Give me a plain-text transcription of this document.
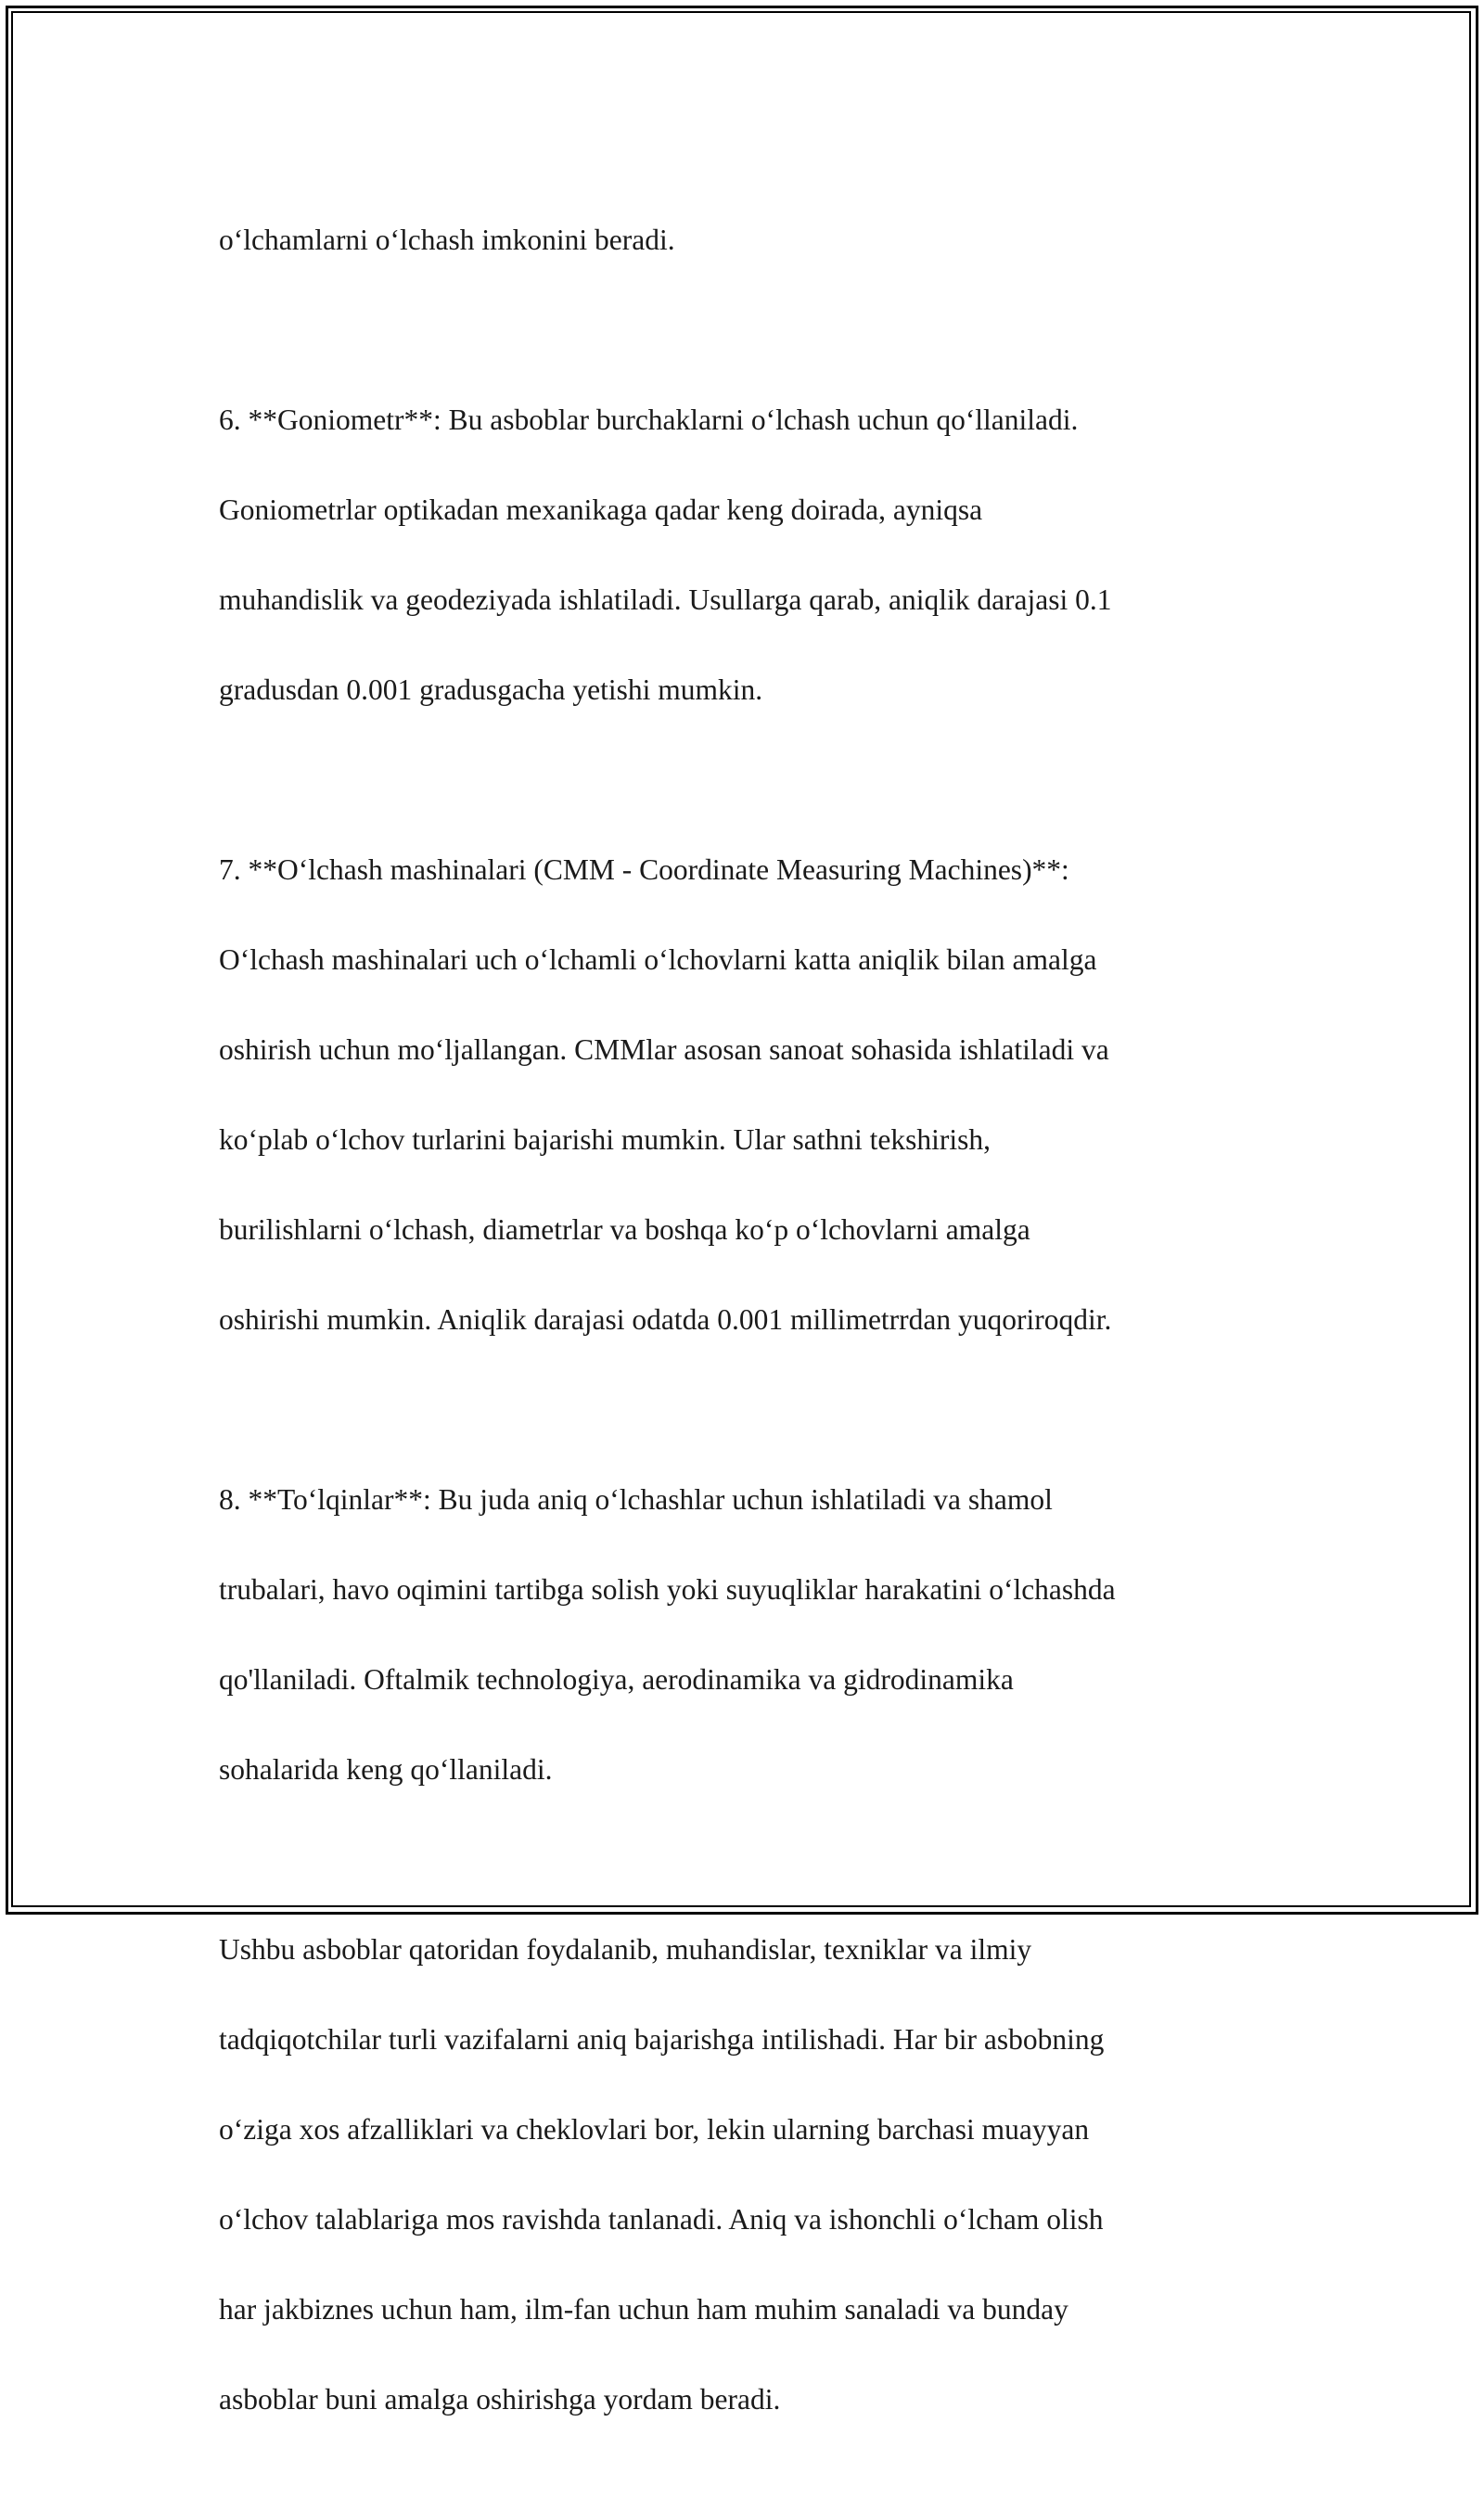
o‘lchamlarni o‘lchash imkonini beradi.

6. **Goniometr**: Bu asboblar burchaklarni o‘lchash uchun qo‘llaniladi.

Goniometrlar optikadan mexanikaga qadar keng doirada, ayniqsa

muhandislik va geodeziyada ishlatiladi. Usullarga qarab, aniqlik darajasi 0.1

gradusdan 0.001 gradusgacha yetishi mumkin.

7. **O‘lchash mashinalari (CMM - Coordinate Measuring Machines)**:

O‘lchash mashinalari uch o‘lchamli o‘lchovlarni katta aniqlik bilan amalga

oshirish uchun mo‘ljallangan. CMMlar asosan sanoat sohasida ishlatiladi va

ko‘plab o‘lchov turlarini bajarishi mumkin. Ular sathni tekshirish,

burilishlarni o‘lchash, diametrlar va boshqa ko‘p o‘lchovlarni amalga

oshirishi mumkin. Aniqlik darajasi odatda 0.001 millimetrrdan yuqoriroqdir.

8. **To‘lqinlar**: Bu juda aniq o‘lchashlar uchun ishlatiladi va shamol

trubalari, havo oqimini tartibga solish yoki suyuqliklar harakatini o‘lchashda

qo'llaniladi. Oftalmik technologiya, aerodinamika va gidrodinamika

sohalarida keng qo‘llaniladi.

Ushbu asboblar qatoridan foydalanib, muhandislar, texniklar va ilmiy

tadqiqotchilar turli vazifalarni aniq bajarishga intilishadi. Har bir asbobning

o‘ziga xos afzalliklari va cheklovlari bor, lekin ularning barchasi muayyan

o‘lchov talablariga mos ravishda tanlanadi. Aniq va ishonchli o‘lcham olish

har jakbiznes uchun ham, ilm-fan uchun ham muhim sanaladi va bunday

asboblar buni amalga oshirishga yordam beradi.
